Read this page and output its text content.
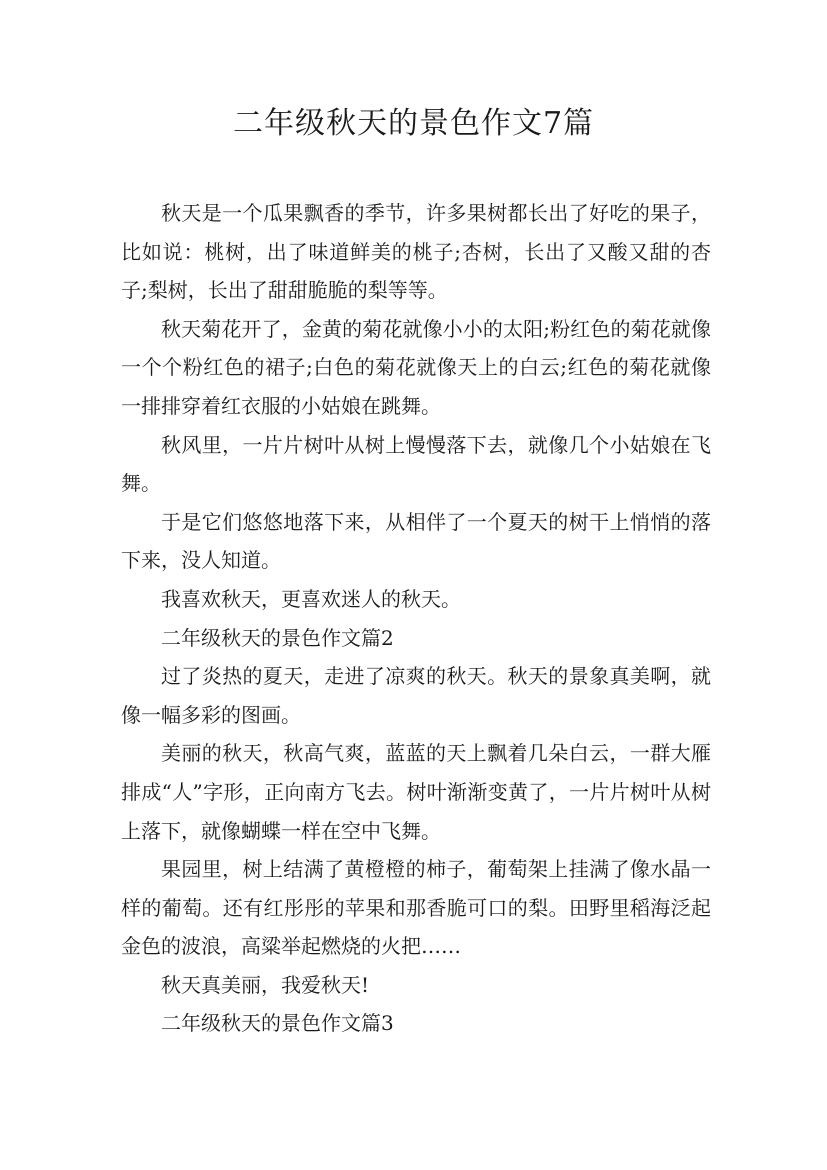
二年级秋天的景色作文7篇

秋天是一个瓜果飘香的季节，许多果树都长出了好吃的果子，比如说：桃树，出了味道鲜美的桃子;杏树，长出了又酸又甜的杏子;梨树，长出了甜甜脆脆的梨等等。

秋天菊花开了，金黄的菊花就像小小的太阳;粉红色的菊花就像一个个粉红色的裙子;白色的菊花就像天上的白云;红色的菊花就像一排排穿着红衣服的小姑娘在跳舞。

秋风里，一片片树叶从树上慢慢落下去，就像几个小姑娘在飞舞。

于是它们悠悠地落下来，从相伴了一个夏天的树干上悄悄的落下来，没人知道。

我喜欢秋天，更喜欢迷人的秋天。

二年级秋天的景色作文篇2

过了炎热的夏天，走进了凉爽的秋天。秋天的景象真美啊，就像一幅多彩的图画。

美丽的秋天，秋高气爽，蓝蓝的天上飘着几朵白云，一群大雁排成“人”字形，正向南方飞去。树叶渐渐变黄了，一片片树叶从树上落下，就像蝴蝶一样在空中飞舞。

果园里，树上结满了黄橙橙的柿子，葡萄架上挂满了像水晶一样的葡萄。还有红彤彤的苹果和那香脆可口的梨。田野里稻海泛起金色的波浪，高粱举起燃烧的火把……

秋天真美丽，我爱秋天!

二年级秋天的景色作文篇3
